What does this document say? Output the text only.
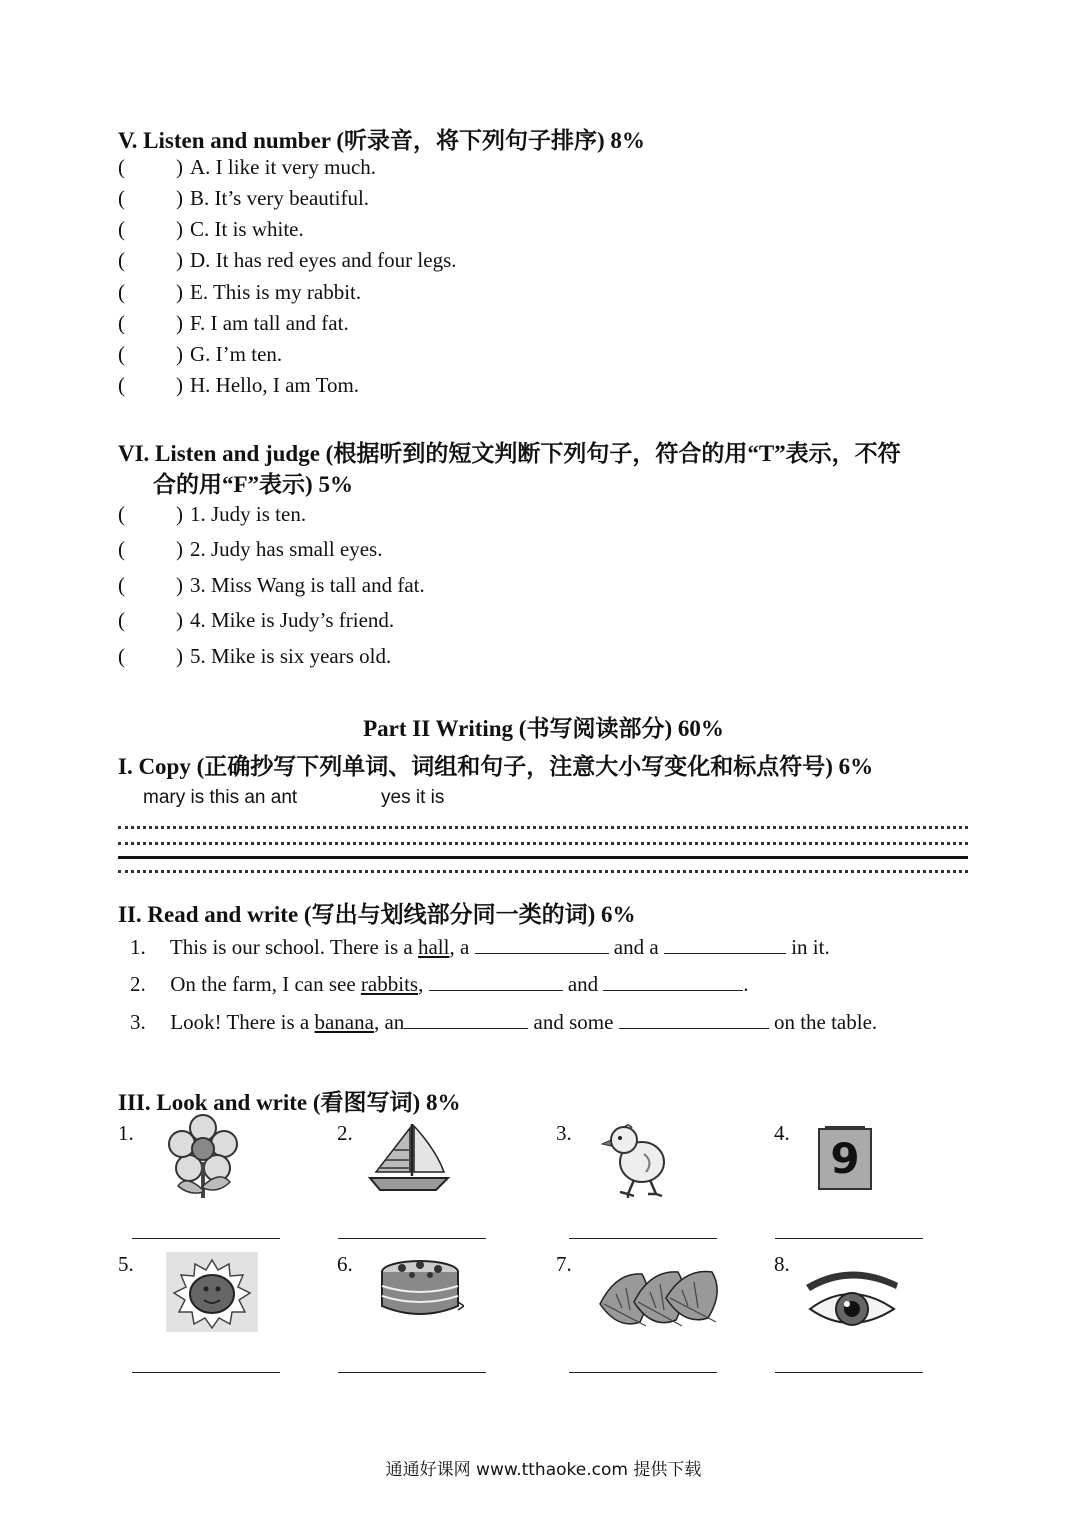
V. Listen and number (听录音，将下列句子排序) 8%
( ) A. I like it very much.
( ) B. It’s very beautiful.
( ) C. It is white.
( ) D. It has red eyes and four legs.
( ) E. This is my rabbit.
( ) F. I am tall and fat.
( ) G. I’m ten.
( ) H. Hello, I am Tom.
VI. Listen and judge (根据听到的短文判断下列句子，符合的用“T”表示，不符
合的用“F”表示) 5%
( ) 1. Judy is ten.
( ) 2. Judy has small eyes.
( ) 3. Miss Wang is tall and fat.
( ) 4. Mike is Judy’s friend.
( ) 5. Mike is six years old.
Part II Writing (书写阅读部分) 60%
I. Copy (正确抄写下列单词、词组和句子，注意大小写变化和标点符号) 6%
mary is this an ant	yes it is
II. Read and write (写出与划线部分同一类的词) 6%
1. This is our school. There is a hall, a	and a	in it.
2. On the farm, I can see rabbits,	and	.
3. Look! There is a banana, an	and some	on the table.
III. Look and write (看图写词) 8%
1.	2.	3.	4.
9
5.	6.	7.	8.
通通好课网 www.tthaoke.com 提供下载
